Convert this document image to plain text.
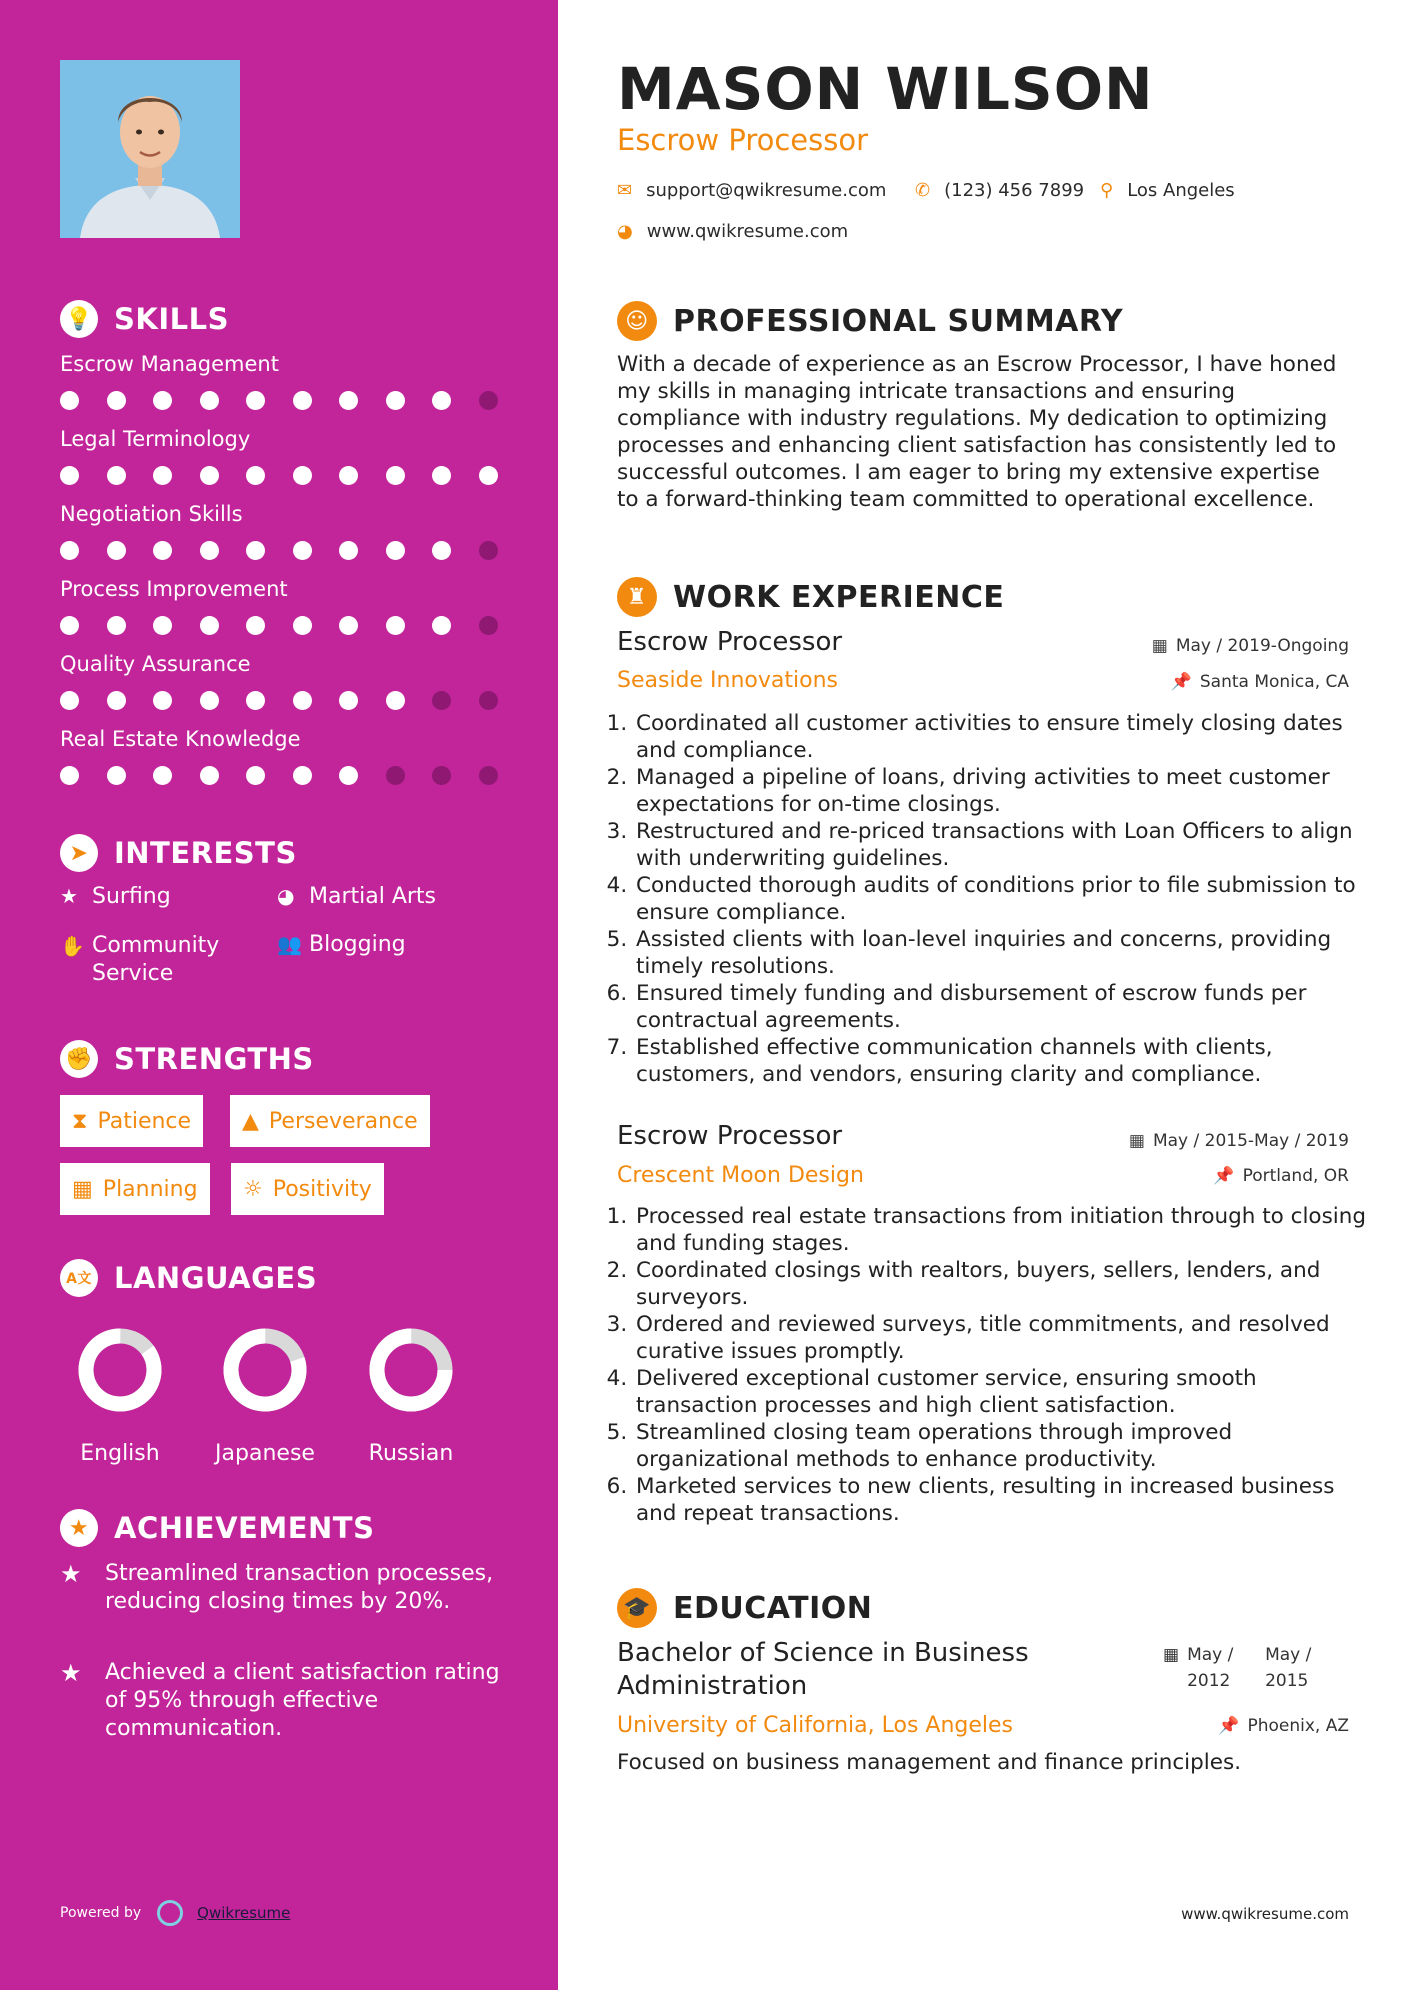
💡 SKILLS
Escrow Management
Legal Terminology
Negotiation Skills
Process Improvement
Quality Assurance
Real Estate Knowledge
➤ INTERESTS
★ Surfing	◕ Martial Arts
✋ Community Service
👥 Blogging
✊ STRENGTHS
⧗ Patience ▲ Perseverance
▦ Planning ☼ Positivity
A文 LANGUAGES
English	Japanese	Russian
★ ACHIEVEMENTS
★	Streamlined transaction processes, reducing closing times by 20%.
★	Achieved a client satisfaction rating of 95% through effective communication.
Powered by	Qwikresume
MASON WILSON
Escrow Processor
✉ support@qwikresume.com ✆ (123) 456 7899 ⚲ Los Angeles
◕ www.qwikresume.com
☺ PROFESSIONAL SUMMARY
With a decade of experience as an Escrow Processor, I have honed my skills in managing intricate transactions and ensuring compliance with industry regulations. My dedication to optimizing processes and enhancing client satisfaction has consistently led to successful outcomes. I am eager to bring my extensive expertise to a forward-thinking team committed to operational excellence.
♜ WORK EXPERIENCE
Escrow Processor	▦ May / 2019-Ongoing
Seaside Innovations	📌 Santa Monica, CA
1. Coordinated all customer activities to ensure timely closing dates and compliance.
2. Managed a pipeline of loans, driving activities to meet customer expectations for on-time closings.
3. Restructured and re-priced transactions with Loan Officers to align with underwriting guidelines.
4. Conducted thorough audits of conditions prior to file submission to ensure compliance.
5. Assisted clients with loan-level inquiries and concerns, providing timely resolutions.
6. Ensured timely funding and disbursement of escrow funds per contractual agreements.
7. Established effective communication channels with clients, customers, and vendors, ensuring clarity and compliance.
Escrow Processor	▦ May / 2015-May / 2019
Crescent Moon Design	📌 Portland, OR
1. Processed real estate transactions from initiation through to closing and funding stages.
2. Coordinated closings with realtors, buyers, sellers, lenders, and surveyors.
3. Ordered and reviewed surveys, title commitments, and resolved curative issues promptly.
4. Delivered exceptional customer service, ensuring smooth transaction processes and high client satisfaction.
5. Streamlined closing team operations through improved organizational methods to enhance productivity.
6. Marketed services to new clients, resulting in increased business and repeat transactions.
🎓 EDUCATION
Bachelor of Science in Business Administration
▦ May / 2012
May / 2015
University of California, Los Angeles	📌 Phoenix, AZ
Focused on business management and finance principles.
www.qwikresume.com
